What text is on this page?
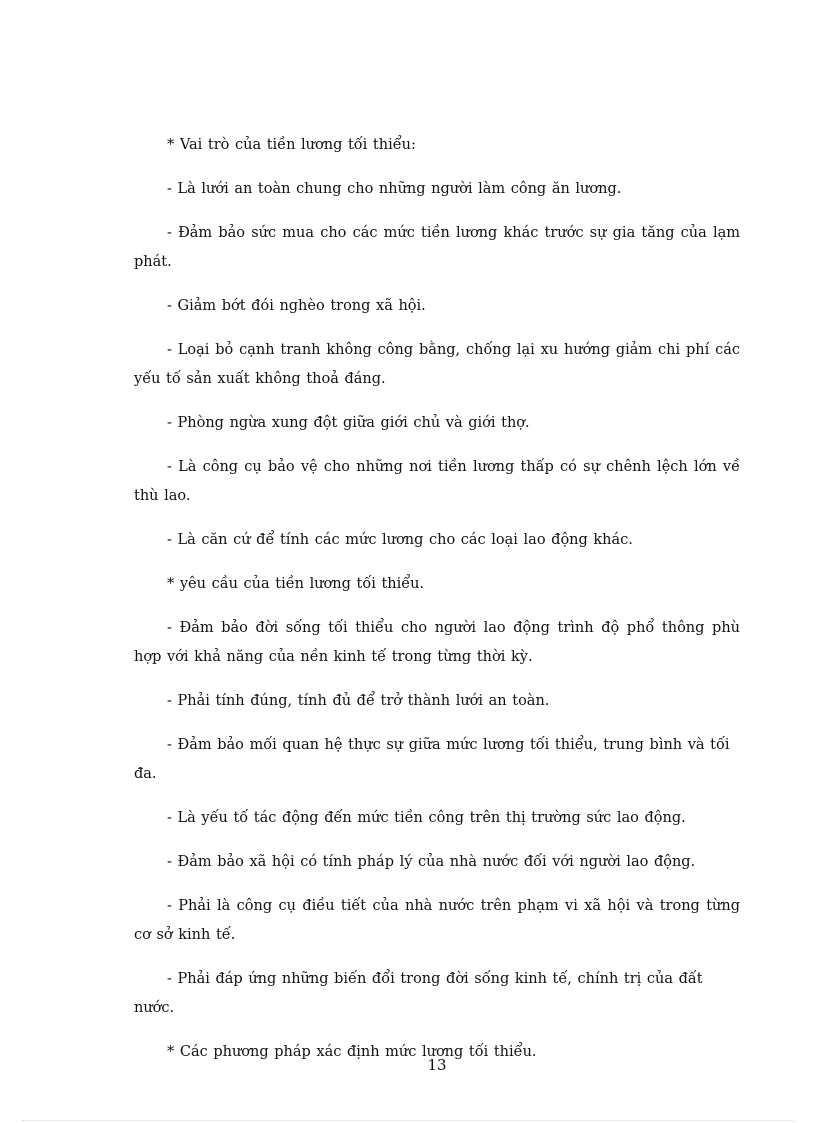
* Vai trò của tiền lương tối thiểu:

- Là lưới an toàn chung cho những người làm công ăn lương.

- Đảm bảo sức mua cho các mức tiền lương khác trước sự gia tăng của lạm phát.

- Giảm bớt đói nghèo trong xã hội.

- Loại bỏ cạnh tranh không công bằng, chống lại xu hướng giảm chi phí các yếu tố sản xuất không thoả đáng.

- Phòng ngừa xung đột giữa giới chủ và giới thợ.

- Là công cụ bảo vệ cho những nơi tiền lương thấp có sự chênh lệch lớn về thù lao.

- Là căn cứ để tính các mức lương cho các loại lao động khác.

* yêu cầu của tiền lương tối thiểu.

- Đảm bảo đời sống tối thiểu cho người lao động trình độ phổ thông phù hợp với khả năng của nền kinh tế trong từng thời kỳ.

- Phải tính đúng, tính đủ để trở thành lưới an toàn.

- Đảm bảo mối quan hệ thực sự giữa mức lương tối thiểu, trung bình và tối đa.

- Là yếu tố tác động đến mức tiền công trên thị trường sức lao động.

- Đảm bảo xã hội có tính pháp lý của nhà nước đối với người lao động.

- Phải là công cụ điều tiết của nhà nước trên phạm vi xã hội và trong từng cơ sở kinh tế.

- Phải đáp ứng những biến đổi trong đời sống kinh tế, chính trị của đất nước.

* Các phương pháp xác định mức lương tối thiểu.

13
